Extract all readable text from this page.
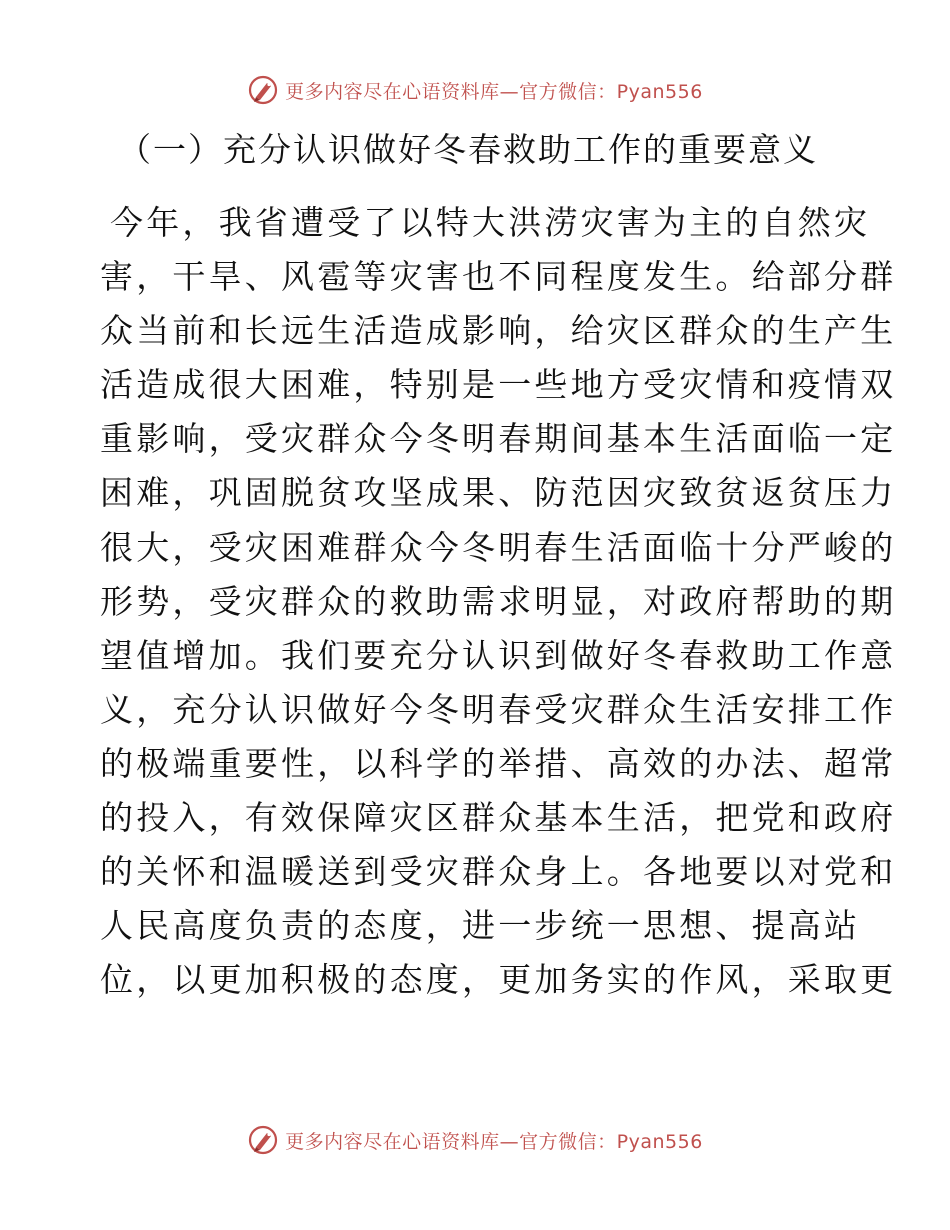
更多内容尽在心语资料库—官方微信：Pyan556
（一）充分认识做好冬春救助工作的重要意义
今年，我省遭受了以特大洪涝灾害为主的自然灾
害，干旱、风雹等灾害也不同程度发生。给部分群
众当前和长远生活造成影响，给灾区群众的生产生
活造成很大困难，特别是一些地方受灾情和疫情双
重影响，受灾群众今冬明春期间基本生活面临一定
困难，巩固脱贫攻坚成果、防范因灾致贫返贫压力
很大，受灾困难群众今冬明春生活面临十分严峻的
形势，受灾群众的救助需求明显，对政府帮助的期
望值增加。我们要充分认识到做好冬春救助工作意
义，充分认识做好今冬明春受灾群众生活安排工作
的极端重要性，以科学的举措、高效的办法、超常
的投入，有效保障灾区群众基本生活，把党和政府
的关怀和温暖送到受灾群众身上。各地要以对党和
人民高度负责的态度，进一步统一思想、提高站
位，以更加积极的态度，更加务实的作风，采取更
更多内容尽在心语资料库—官方微信：Pyan556
